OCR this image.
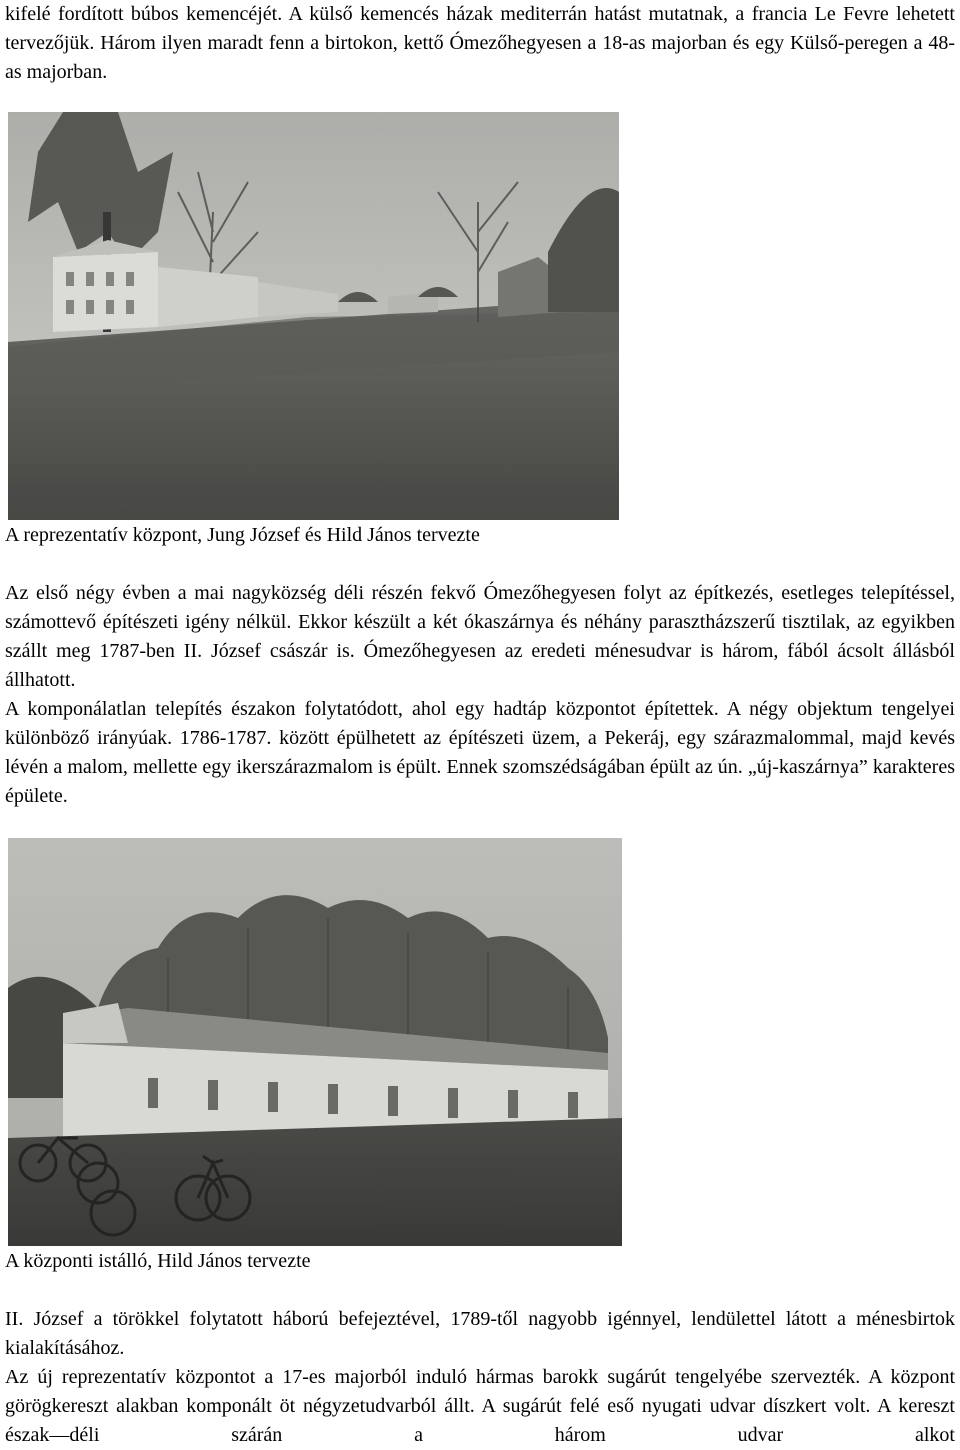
kifelé fordított búbos kemencéjét. A külső kemencés házak mediterrán hatást mutatnak, a francia Le Fevre lehetett tervezőjük. Három ilyen maradt fenn a birtokon, kettő Ómezőhegyesen a 18-as majorban és egy Külső-peregen a 48-as majorban.

A reprezentatív központ, Jung József és Hild János tervezte

Az első négy évben a mai nagyközség déli részén fekvő Ómezőhegyesen folyt az építkezés, esetleges telepítéssel, számottevő építészeti igény nélkül. Ekkor készült a két ókaszárnya és néhány parasztházszerű tisztilak, az egyikben szállt meg 1787-ben II. József császár is. Ómezőhegyesen az eredeti ménesudvar is három, fából ácsolt állásból állhatott.

A komponálatlan telepítés északon folytatódott, ahol egy hadtáp központot építettek. A négy objektum tengelyei különböző irányúak. 1786-1787. között épülhetett az építészeti üzem, a Pekeráj, egy szárazmalommal, majd kevés lévén a malom, mellette egy ikerszárazmalom is épült. Ennek szomszédságában épült az ún. „új-kaszárnya” karakteres épülete.

A központi istálló, Hild János tervezte

II. József a törökkel folytatott háború befejeztével, 1789-től nagyobb igénnyel, lendülettel látott a ménesbirtok kialakításához.

Az új reprezentatív központot a 17-es majorból induló hármas barokk sugárút tengelyébe szervezték. A központ görögkereszt alakban komponált öt négyzetudvarból állt. A sugárút felé eső nyugati udvar díszkert volt. A kereszt észak—déli szárán a három udvar alkot
